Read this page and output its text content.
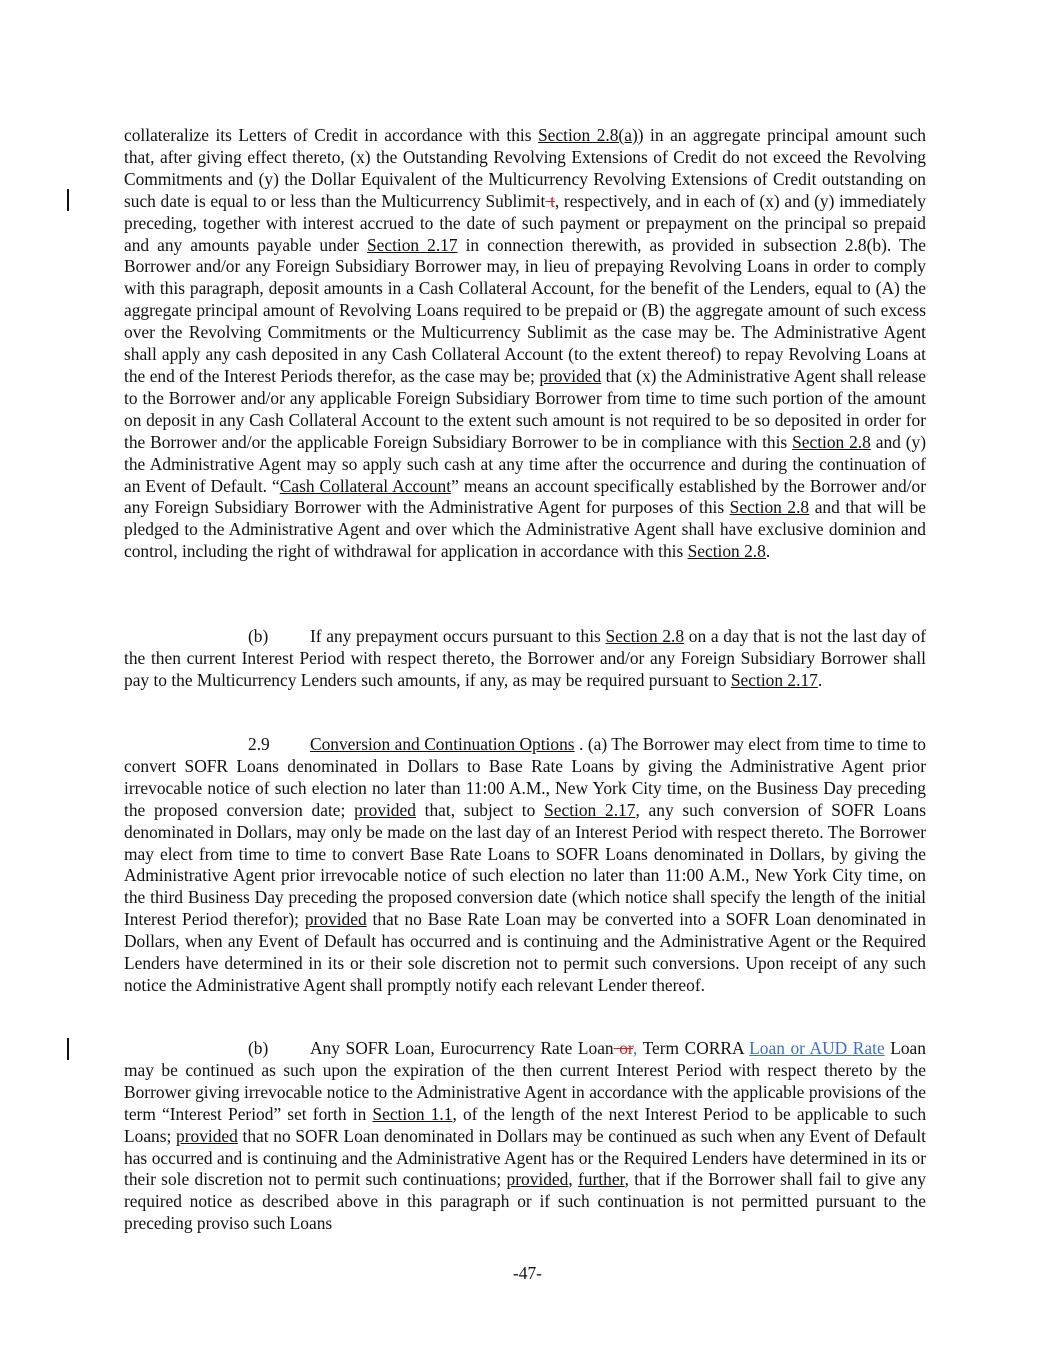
collateralize its Letters of Credit in accordance with this Section 2.8(a)) in an aggregate principal amount such that, after giving effect thereto, (x) the Outstanding Revolving Extensions of Credit do not exceed the Revolving Commitments and (y) the Dollar Equivalent of the Multicurrency Revolving Extensions of Credit outstanding on such date is equal to or less than the Multicurrency Sublimit t, respectively, and in each of (x) and (y) immediately preceding, together with interest accrued to the date of such payment or prepayment on the principal so prepaid and any amounts payable under Section 2.17 in connection therewith, as provided in subsection 2.8(b). The Borrower and/or any Foreign Subsidiary Borrower may, in lieu of prepaying Revolving Loans in order to comply with this paragraph, deposit amounts in a Cash Collateral Account, for the benefit of the Lenders, equal to (A) the aggregate principal amount of Revolving Loans required to be prepaid or (B) the aggregate amount of such excess over the Revolving Commitments or the Multicurrency Sublimit as the case may be. The Administrative Agent shall apply any cash deposited in any Cash Collateral Account (to the extent thereof) to repay Revolving Loans at the end of the Interest Periods therefor, as the case may be; provided that (x) the Administrative Agent shall release to the Borrower and/or any applicable Foreign Subsidiary Borrower from time to time such portion of the amount on deposit in any Cash Collateral Account to the extent such amount is not required to be so deposited in order for the Borrower and/or the applicable Foreign Subsidiary Borrower to be in compliance with this Section 2.8 and (y) the Administrative Agent may so apply such cash at any time after the occurrence and during the continuation of an Event of Default. “Cash Collateral Account” means an account specifically established by the Borrower and/or any Foreign Subsidiary Borrower with the Administrative Agent for purposes of this Section 2.8 and that will be pledged to the Administrative Agent and over which the Administrative Agent shall have exclusive dominion and control, including the right of withdrawal for application in accordance with this Section 2.8.
(b) If any prepayment occurs pursuant to this Section 2.8 on a day that is not the last day of the then current Interest Period with respect thereto, the Borrower and/or any Foreign Subsidiary Borrower shall pay to the Multicurrency Lenders such amounts, if any, as may be required pursuant to Section 2.17.
2.9 Conversion and Continuation Options . (a) The Borrower may elect from time to time to convert SOFR Loans denominated in Dollars to Base Rate Loans by giving the Administrative Agent prior irrevocable notice of such election no later than 11:00 A.M., New York City time, on the Business Day preceding the proposed conversion date; provided that, subject to Section 2.17, any such conversion of SOFR Loans denominated in Dollars, may only be made on the last day of an Interest Period with respect thereto. The Borrower may elect from time to time to convert Base Rate Loans to SOFR Loans denominated in Dollars, by giving the Administrative Agent prior irrevocable notice of such election no later than 11:00 A.M., New York City time, on the third Business Day preceding the proposed conversion date (which notice shall specify the length of the initial Interest Period therefor); provided that no Base Rate Loan may be converted into a SOFR Loan denominated in Dollars, when any Event of Default has occurred and is continuing and the Administrative Agent or the Required Lenders have determined in its or their sole discretion not to permit such conversions. Upon receipt of any such notice the Administrative Agent shall promptly notify each relevant Lender thereof.
(b) Any SOFR Loan, Eurocurrency Rate Loan or, Term CORRA Loan or AUD Rate Loan may be continued as such upon the expiration of the then current Interest Period with respect thereto by the Borrower giving irrevocable notice to the Administrative Agent in accordance with the applicable provisions of the term “Interest Period” set forth in Section 1.1, of the length of the next Interest Period to be applicable to such Loans; provided that no SOFR Loan denominated in Dollars may be continued as such when any Event of Default has occurred and is continuing and the Administrative Agent has or the Required Lenders have determined in its or their sole discretion not to permit such continuations; provided, further, that if the Borrower shall fail to give any required notice as described above in this paragraph or if such continuation is not permitted pursuant to the preceding proviso such Loans
-47-
